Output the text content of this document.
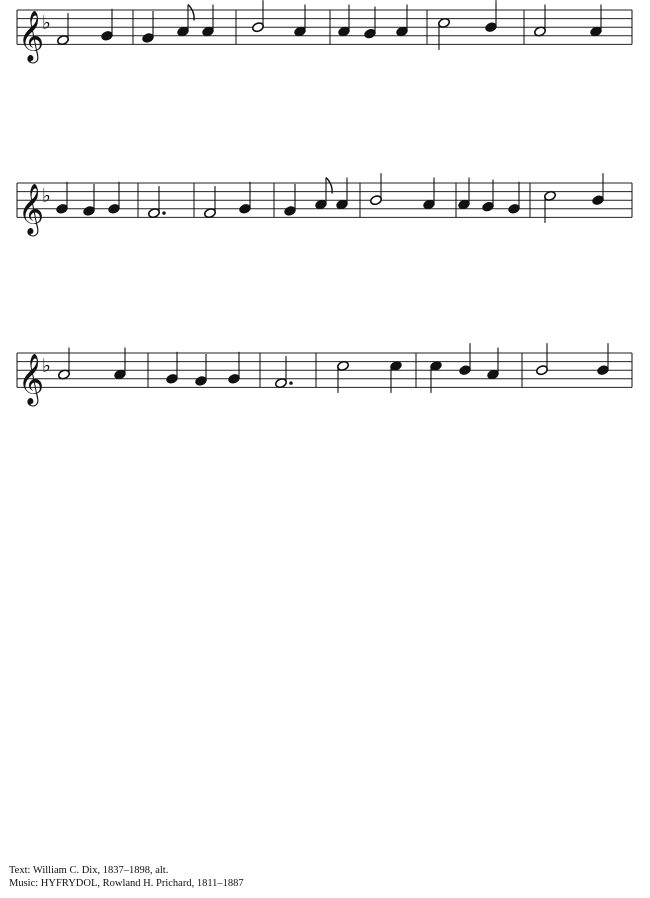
𝄞
♭
𝄞
♭
𝄞
♭
Text: William C. Dix, 1837–1898, alt.
Music: HYFRYDOL, Rowland H. Prichard, 1811–1887
